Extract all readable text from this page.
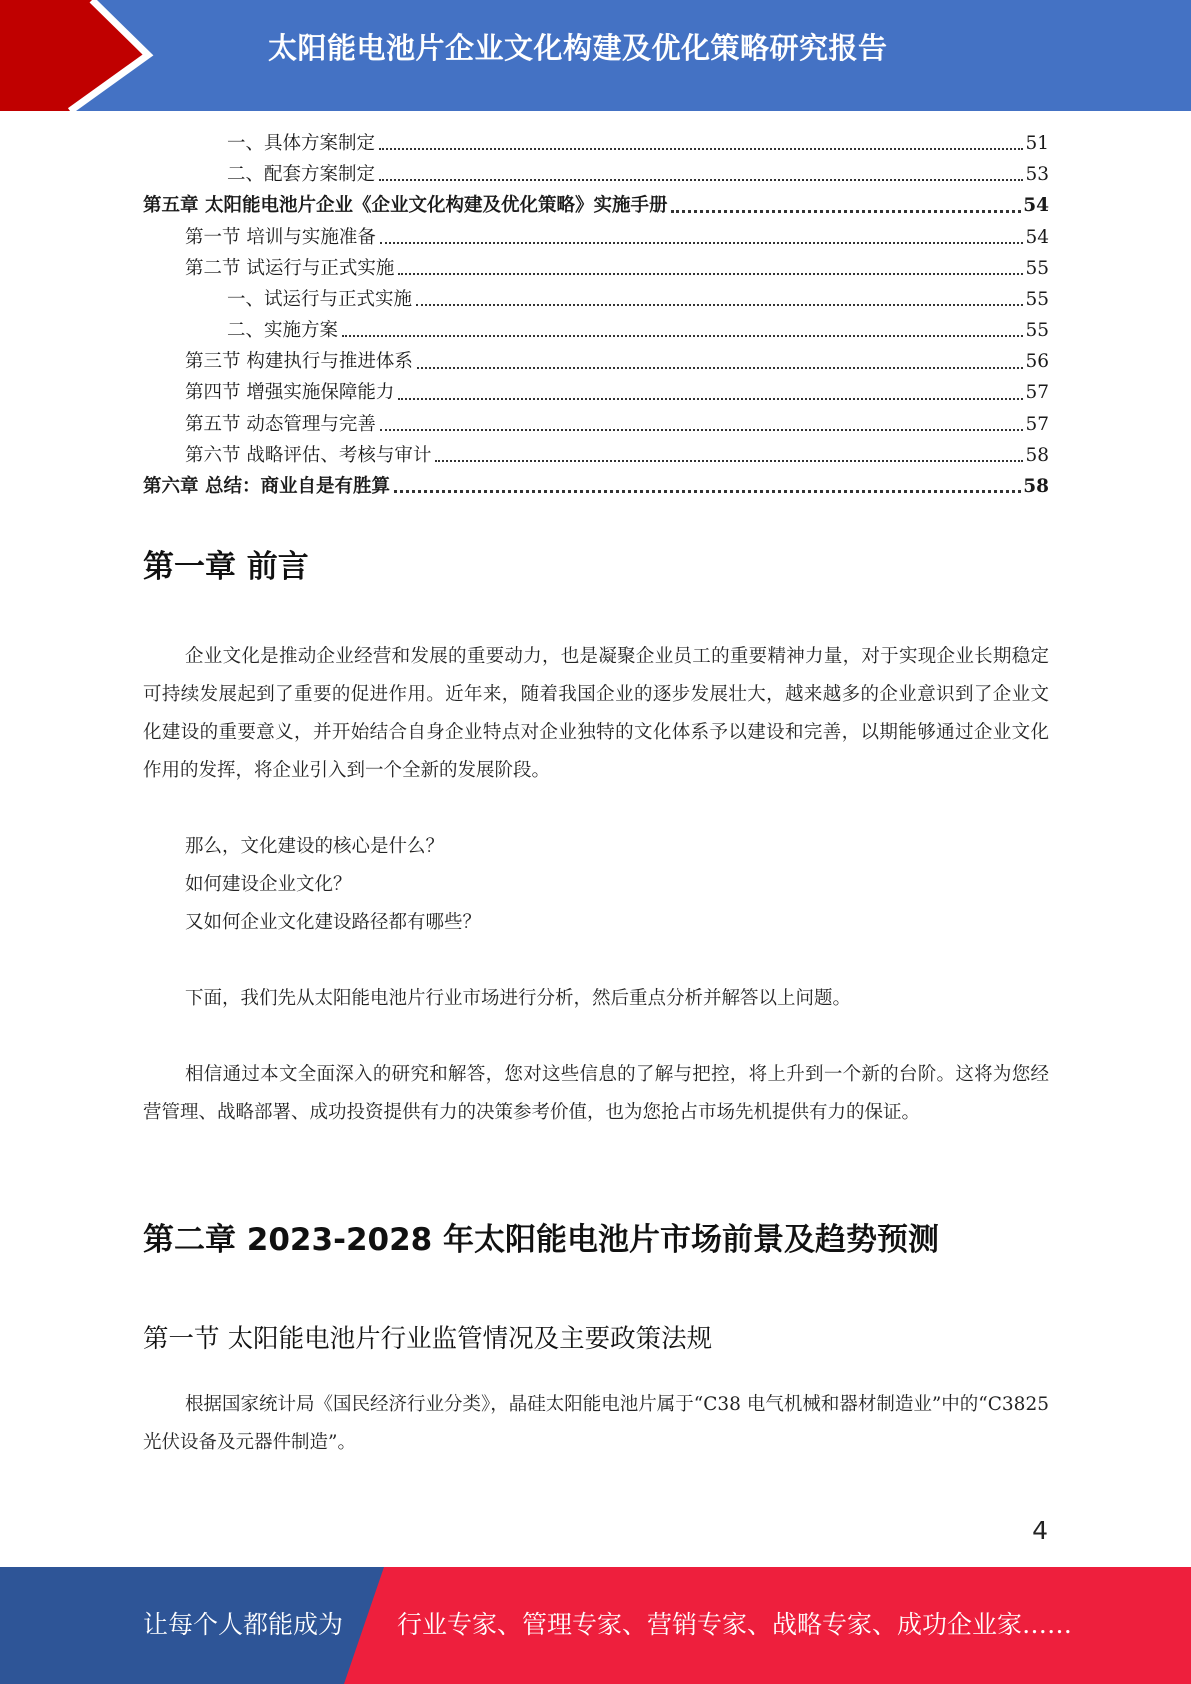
太阳能电池片企业文化构建及优化策略研究报告
一、具体方案制定	51
二、配套方案制定	53
第五章 太阳能电池片企业《企业文化构建及优化策略》实施手册	54
第一节 培训与实施准备	54
第二节 试运行与正式实施	55
一、试运行与正式实施	55
二、实施方案	55
第三节 构建执行与推进体系	56
第四节 增强实施保障能力	57
第五节 动态管理与完善	57
第六节 战略评估、考核与审计	58
第六章 总结：商业自是有胜算	58
第一章 前言

企业文化是推动企业经营和发展的重要动力，也是凝聚企业员工的重要精神力量，对于实现企业长期稳定可持续发展起到了重要的促进作用。近年来，随着我国企业的逐步发展壮大，越来越多的企业意识到了企业文化建设的重要意义，并开始结合自身企业特点对企业独特的文化体系予以建设和完善，以期能够通过企业文化作用的发挥，将企业引入到一个全新的发展阶段。

那么，文化建设的核心是什么？
如何建设企业文化？
又如何企业文化建设路径都有哪些？

下面，我们先从太阳能电池片行业市场进行分析，然后重点分析并解答以上问题。

相信通过本文全面深入的研究和解答，您对这些信息的了解与把控，将上升到一个新的台阶。这将为您经营管理、战略部署、成功投资提供有力的决策参考价值，也为您抢占市场先机提供有力的保证。

第二章 2023-2028 年太阳能电池片市场前景及趋势预测
第一节 太阳能电池片行业监管情况及主要政策法规

根据国家统计局《国民经济行业分类》，晶硅太阳能电池片属于“C38 电气机械和器材制造业”中的“C3825 光伏设备及元器件制造”。

4
让每个人都能成为 行业专家、管理专家、营销专家、战略专家、成功企业家……
